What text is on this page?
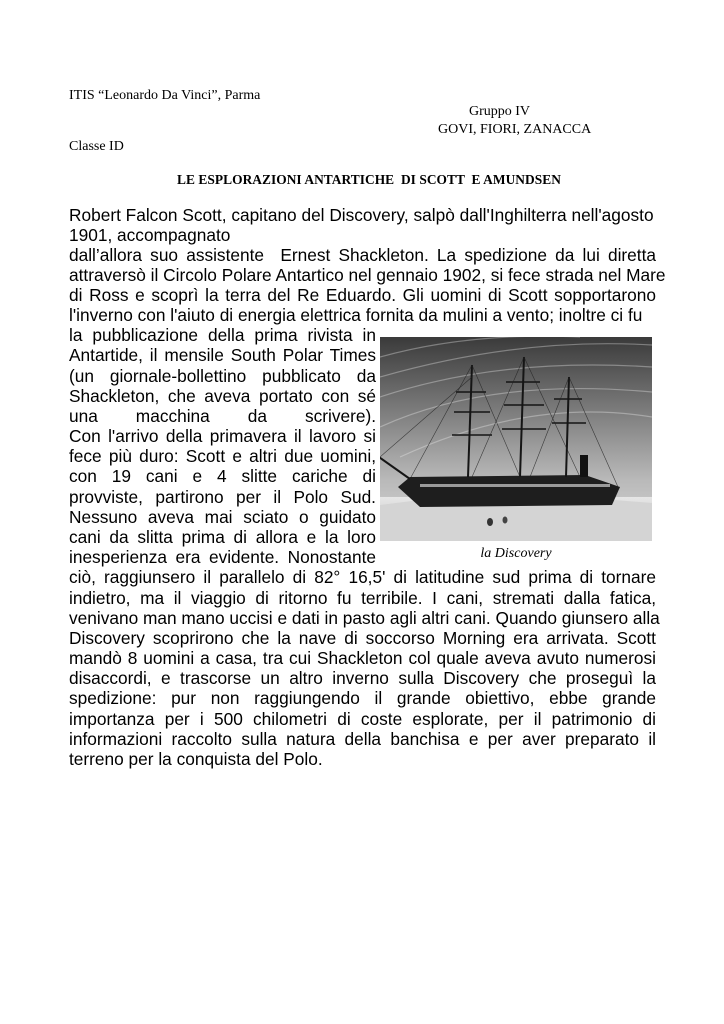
ITIS “Leonardo Da Vinci”, Parma
Gruppo IV
GOVI, FIORI, ZANACCA
Classe ID
LE ESPLORAZIONI ANTARTICHE  DI SCOTT  E AMUNDSEN
Robert Falcon Scott, capitano del Discovery, salpò dall'Inghilterra nell'agosto
1901, accompagnato
dall’allora suo assistente  Ernest Shackleton. La spedizione da lui diretta
attraversò il Circolo Polare Antartico nel gennaio 1902, si fece strada nel Mare
di Ross e scoprì la terra del Re Eduardo. Gli uomini di Scott sopportarono
l'inverno con l'aiuto di energia elettrica fornita da mulini a vento; inoltre ci fu
la pubblicazione della prima rivista in
Antartide, il mensile South Polar Times
(un giornale-bollettino pubblicato da
Shackleton, che aveva portato con sé
una macchina da scrivere).
Con l'arrivo della primavera il lavoro si
fece più duro: Scott e altri due uomini,
con 19 cani e 4 slitte cariche di
provviste, partirono per il Polo Sud.
Nessuno aveva mai sciato o guidato
cani da slitta prima di allora e la loro
inesperienza era evidente. Nonostante
ciò, raggiunsero il parallelo di 82° 16,5' di latitudine sud prima di tornare
indietro, ma il viaggio di ritorno fu terribile. I cani, stremati dalla fatica,
venivano man mano uccisi e dati in pasto agli altri cani. Quando giunsero alla
Discovery scoprirono che la nave di soccorso Morning era arrivata. Scott
mandò 8 uomini a casa, tra cui Shackleton col quale aveva avuto numerosi
disaccordi, e trascorse un altro inverno sulla Discovery che proseguì la
spedizione: pur non raggiungendo il grande obiettivo, ebbe grande
importanza per i 500 chilometri di coste esplorate, per il patrimonio di
informazioni raccolto sulla natura della banchisa e per aver preparato il
terreno per la conquista del Polo.
la Discovery
